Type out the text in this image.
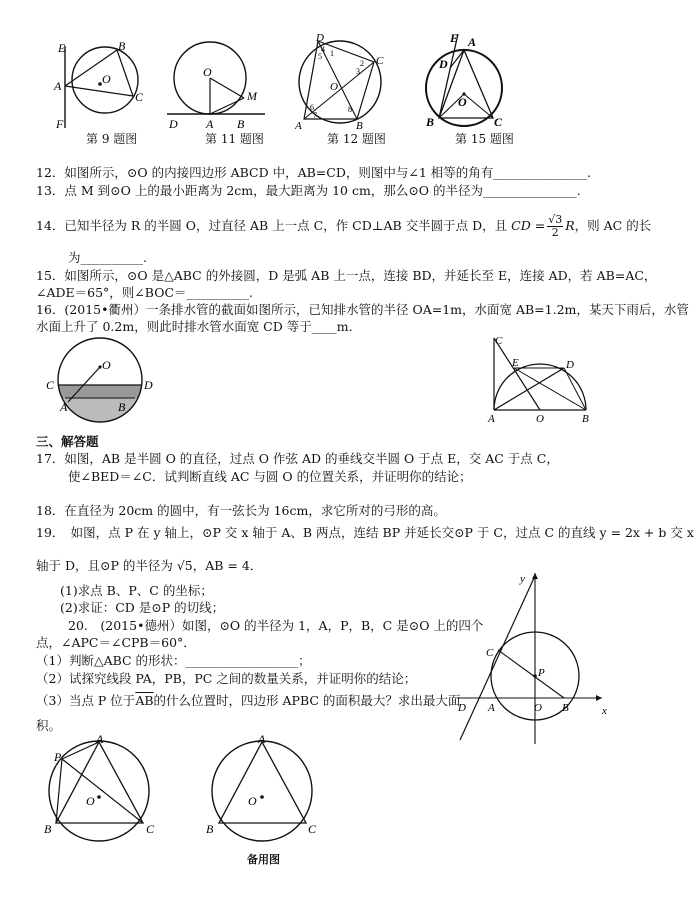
E	B
O
A
C
F
第 9 题图
O
M
D A B
第 11 题图
D
C
O
A	B
1
2
3
4
5
6
7
8
第 12 题图
E A
D
O
B	C
第 15 题图
12．如图所示，⊙O 的内接四边形 ABCD 中，AB=CD，则图中与∠1 相等的角有_______________.
13．点 M 到⊙O 上的最小距离为 2cm，最大距离为 10 cm，那么⊙O 的半径为_______________.
14．已知半径为 R 的半圆 O，过直径 AB 上一点 C，作 CD⊥AB 交半圆于点 D，且 CD = $\frac{√3}{2}$ R，则 AC 的长
为__________.
15．如图所示，⊙O 是△ABC 的外接圆，D 是弧 AB 上一点，连接 BD，并延长至 E，连接 AD，若 AB=AC，
∠ADE＝65°，则∠BOC＝__________.
16．(2015•衢州）一条排水管的截面如图所示，已知排水管的半径 OA=1m，水面宽 AB=1.2m，某天下雨后，水管
水面上升了 0.2m，则此时排水管水面宽 CD 等于____m.
O
C	D
A	B
C
E	D
A	O	B
三、解答题
17．如图，AB 是半圆 O 的直径，过点 O 作弦 AD 的垂线交半圆 O 于点 E，交 AC 于点 C，
使∠BED＝∠C．试判断直线 AC 与圆 O 的位置关系，并证明你的结论；
18．在直径为 20cm 的圆中，有一弦长为 16cm，求它所对的弓形的高。
19．　如图，点 P 在 y 轴上，⊙P 交 x 轴于 A、B 两点，连结 BP 并延长交⊙P 于 C，过点 C 的直线 y = 2x + b 交 x
轴于 D，且⊙P 的半径为 √5，AB = 4．
(1)求点 B、P、C 的坐标；
(2)求证：CD 是⊙P 的切线；
20.　(2015•德州）如图，⊙O 的半径为 1，A，P，B，C 是⊙O 上的四个
点，∠APC＝∠CPB＝60°．
（1）判断△ABC 的形状：__________________；
（2）试探究线段 PA，PB，PC 之间的数量关系，并证明你的结论；
（3）当点 P 位于$\overline{AB}$的什么位置时，四边形 APBC 的面积最大？求出最大面
积。
y
x
C
P
D A	O B
P
A
O
B	C
A
O
B	C
备用图
